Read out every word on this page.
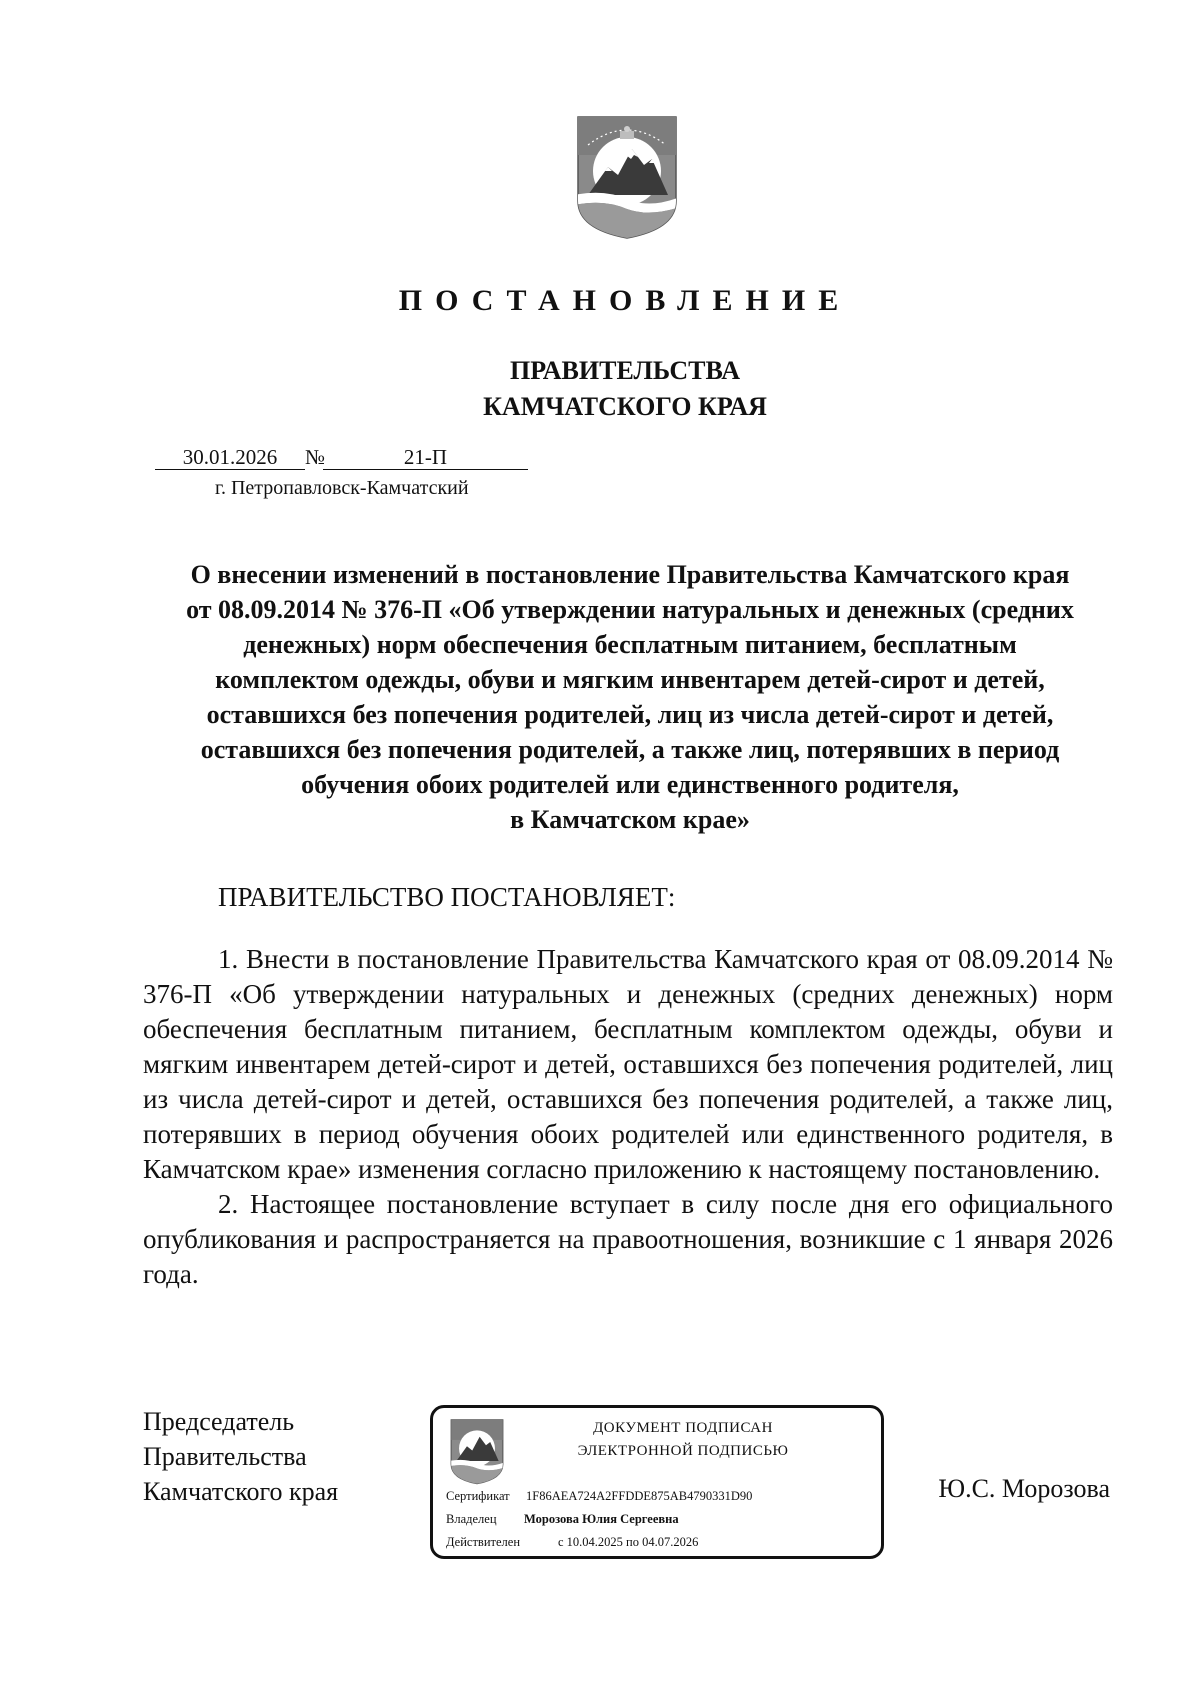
ПОСТАНОВЛЕНИЕ
ПРАВИТЕЛЬСТВА
КАМЧАТСКОГО КРАЯ
30.01.2026 №	21-П
г. Петропавловск-Камчатский
О внесении изменений в постановление Правительства Камчатского края
от 08.09.2014 № 376-П «Об утверждении натуральных и денежных (средних
денежных) норм обеспечения бесплатным питанием, бесплатным
комплектом одежды, обуви и мягким инвентарем детей-сирот и детей,
оставшихся без попечения родителей, лиц из числа детей-сирот и детей,
оставшихся без попечения родителей, а также лиц, потерявших в период
обучения обоих родителей или единственного родителя,
в Камчатском крае»
ПРАВИТЕЛЬСТВО ПОСТАНОВЛЯЕТ:

1. Внести в постановление Правительства Камчатского края от 08.09.2014 № 376-П «Об утверждении натуральных и денежных (средних денежных) норм обеспечения бесплатным питанием, бесплатным комплектом одежды, обуви и мягким инвентарем детей-сирот и детей, оставшихся без попечения родителей, лиц из числа детей-сирот и детей, оставшихся без попечения родителей, а также лиц, потерявших в период обучения обоих родителей или единственного родителя, в Камчатском крае» изменения согласно приложению к настоящему постановлению.

2. Настоящее постановление вступает в силу после дня его официального опубликования и распространяется на правоотношения, возникшие с 1 января 2026 года.

Председатель
Правительства
Камчатского края
ДОКУМЕНТ ПОДПИСАН
ЭЛЕКТРОННОЙ ПОДПИСЬЮ
Сертификат 1F86AEA724A2FFDDE875AB4790331D90
Владелец Морозова Юлия Сергеевна
Действителен	с 10.04.2025 по 04.07.2026
Ю.С. Морозова
